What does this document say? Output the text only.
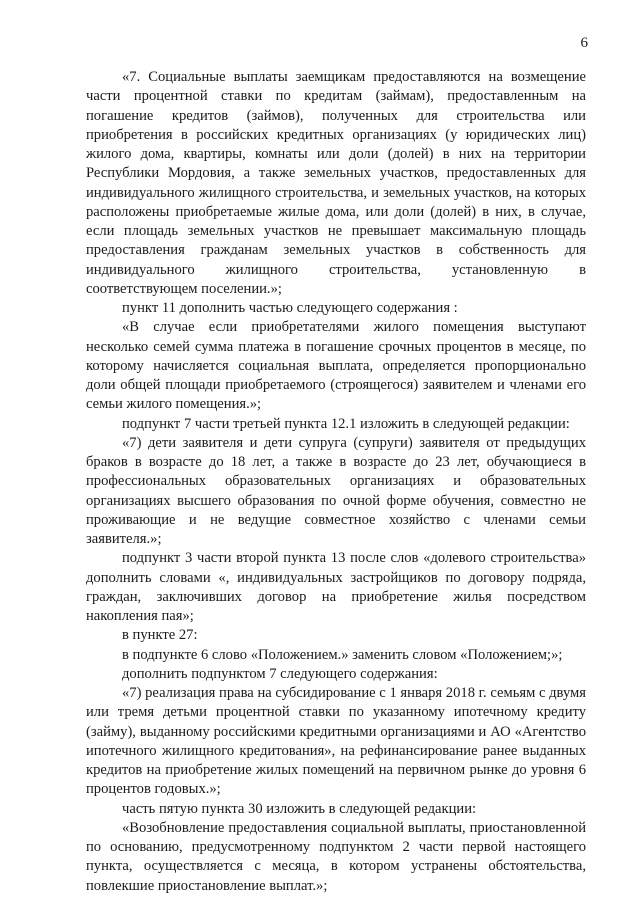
6

«7. Социальные выплаты заемщикам предоставляются на возмещение части процентной ставки по кредитам (займам), предоставленным на погашение кредитов (займов), полученных для строительства или приобретения в российских кредитных организациях (у юридических лиц) жилого дома, квартиры, комнаты или доли (долей) в них на территории Республики Мордовия, а также земельных участков, предоставленных для индивидуального жилищного строительства, и земельных участков, на которых расположены приобретаемые жилые дома, или доли (долей) в них, в случае, если площадь земельных участков не превышает максимальную площадь предоставления гражданам земельных участков в собственность для индивидуального жилищного строительства, установленную в соответствующем поселении.»;

пункт 11 дополнить частью следующего содержания :

«В случае если приобретателями жилого помещения выступают несколько семей сумма платежа в погашение срочных процентов в месяце, по которому начисляется социальная выплата, определяется пропорционально доли общей площади приобретаемого (строящегося) заявителем и членами его семьи жилого помещения.»;

подпункт 7 части третьей пункта 12.1 изложить в следующей редакции:

«7) дети заявителя и дети супруга (супруги) заявителя от предыдущих браков в возрасте до 18 лет, а также в возрасте до 23 лет, обучающиеся в профессиональных образовательных организациях и образовательных организациях высшего образования по очной форме обучения, совместно не проживающие и не ведущие совместное хозяйство с членами семьи заявителя.»;

подпункт 3 части второй пункта 13 после слов «долевого строительства» дополнить словами «, индивидуальных застройщиков по договору подряда, граждан, заключивших договор на приобретение жилья посредством накопления пая»;

в пункте 27:

в подпункте 6 слово «Положением.» заменить словом «Положением;»;

дополнить подпунктом 7 следующего содержания:

«7) реализация права на субсидирование с 1 января 2018 г. семьям с двумя или тремя детьми процентной ставки по указанному ипотечному кредиту (займу), выданному российскими кредитными организациями и АО «Агентство ипотечного жилищного кредитования», на рефинансирование ранее выданных кредитов на приобретение жилых помещений на первичном рынке до уровня 6 процентов годовых.»;

часть пятую пункта 30 изложить в следующей редакции:

«Возобновление предоставления социальной выплаты, приостановленной по основанию, предусмотренному подпунктом 2 части первой настоящего пункта, осуществляется с месяца, в котором устранены обстоятельства, повлекшие приостановление выплат.»;
